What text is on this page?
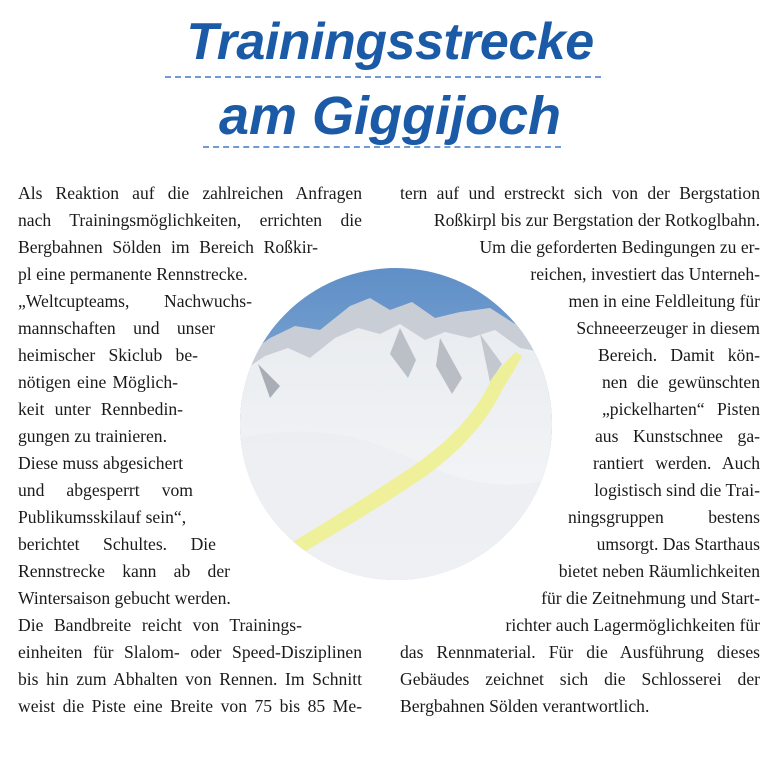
Trainingsstrecke
am Giggijoch
Als Reaktion auf die zahlreichen Anfragen
nach Trainingsmöglichkeiten, errichten die
Bergbahnen Sölden im Bereich Roßkir-
pl eine permanente Rennstrecke.
„Weltcupteams, Nachwuchs-
mannschaften und unser
heimischer Skiclub be-
nötigen eine Möglich-
keit unter Rennbedin-
gungen zu trainieren.
Diese muss abgesichert
und abgesperrt vom
Publikumsskilauf sein“,
berichtet Schultes. Die
Rennstrecke kann ab der
Wintersaison gebucht werden.
Die Bandbreite reicht von Trainings-
einheiten für Slalom- oder Speed-Disziplinen
bis hin zum Abhalten von Rennen. Im Schnitt
weist die Piste eine Breite von 75 bis 85 Me-
tern auf und erstreckt sich von der Bergstation
Roßkirpl bis zur Bergstation der Rotkoglbahn.
Um die geforderten Bedingungen zu er-
reichen, investiert das Unterneh-
men in eine Feldleitung für
Schneeerzeuger in diesem
Bereich. Damit kön-
nen die gewünschten
„pickelharten“ Pisten
aus Kunstschnee ga-
rantiert werden. Auch
logistisch sind die Trai-
ningsgruppen bestens
umsorgt. Das Starthaus
bietet neben Räumlichkeiten
für die Zeitnehmung und Start-
richter auch Lagermöglichkeiten für
das Rennmaterial. Für die Ausführung dieses
Gebäudes zeichnet sich die Schlosserei der
Bergbahnen Sölden verantwortlich.
